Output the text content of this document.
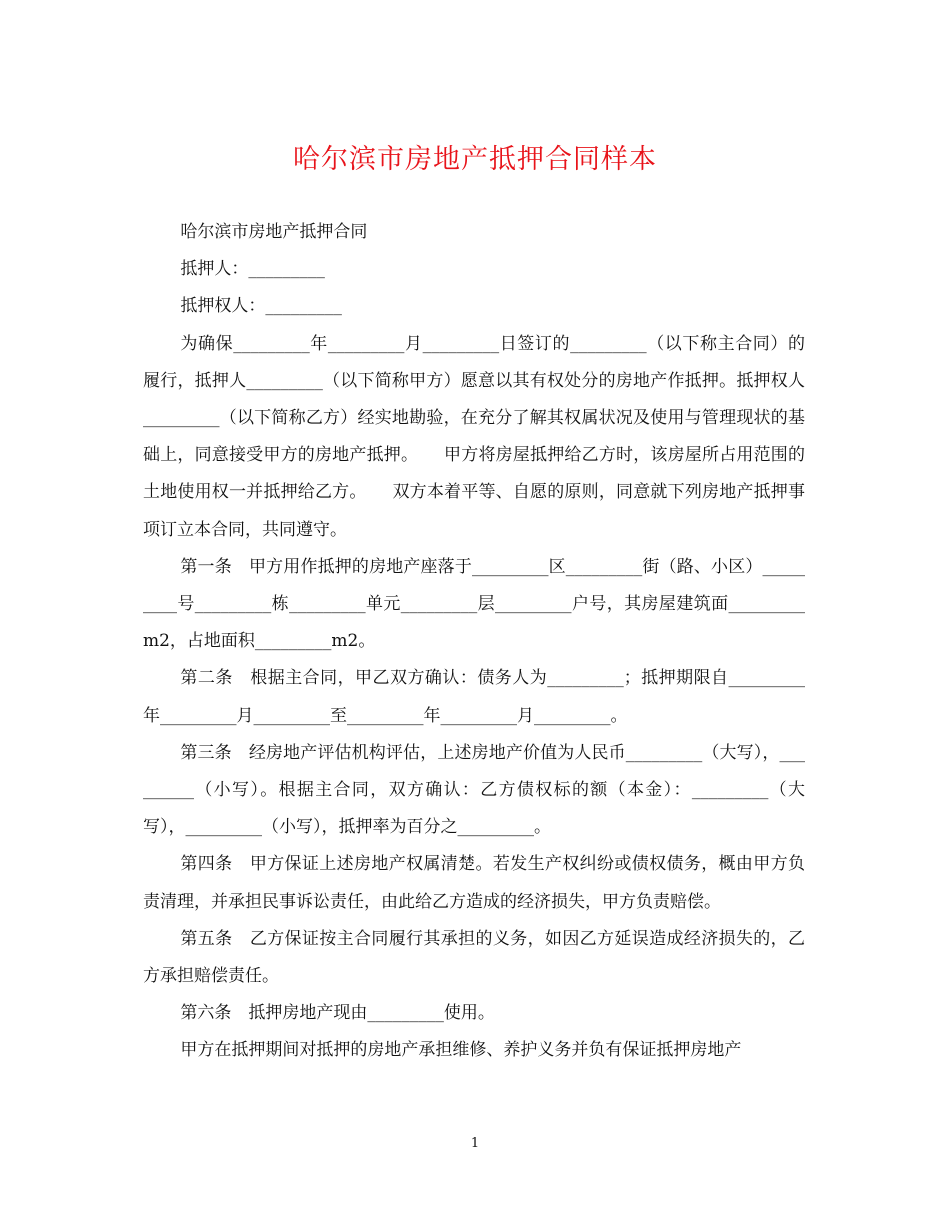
哈尔滨市房地产抵押合同样本

哈尔滨市房地产抵押合同

抵押人：_________

抵押权人：_________

为确保_________年_________月_________日签订的_________（以下称主合同）的履行，抵押人_________（以下简称甲方）愿意以其有权处分的房地产作抵押。抵押权人_________（以下简称乙方）经实地勘验，在充分了解其权属状况及使用与管理现状的基础上，同意接受甲方的房地产抵押。　　甲方将房屋抵押给乙方时，该房屋所占用范围的土地使用权一并抵押给乙方。　　双方本着平等、自愿的原则，同意就下列房地产抵押事项订立本合同，共同遵守。

第一条　甲方用作抵押的房地产座落于_________区_________街（路、小区）_________号_________栋_________单元_________层_________户号，其房屋建筑面_________m2，占地面积_________m2。

第二条　根据主合同，甲乙双方确认：债务人为_________；抵押期限自_________年_________月_________至_________年_________月_________。

第三条　经房地产评估机构评估，上述房地产价值为人民币_________（大写），_________（小写）。根据主合同，双方确认：乙方债权标的额（本金）：_________（大写），_________（小写），抵押率为百分之_________。

第四条　甲方保证上述房地产权属清楚。若发生产权纠纷或债权债务，概由甲方负责清理，并承担民事诉讼责任，由此给乙方造成的经济损失，甲方负责赔偿。

第五条　乙方保证按主合同履行其承担的义务，如因乙方延误造成经济损失的，乙方承担赔偿责任。

第六条　抵押房地产现由_________使用。

甲方在抵押期间对抵押的房地产承担维修、养护义务并负有保证抵押房地产

1
